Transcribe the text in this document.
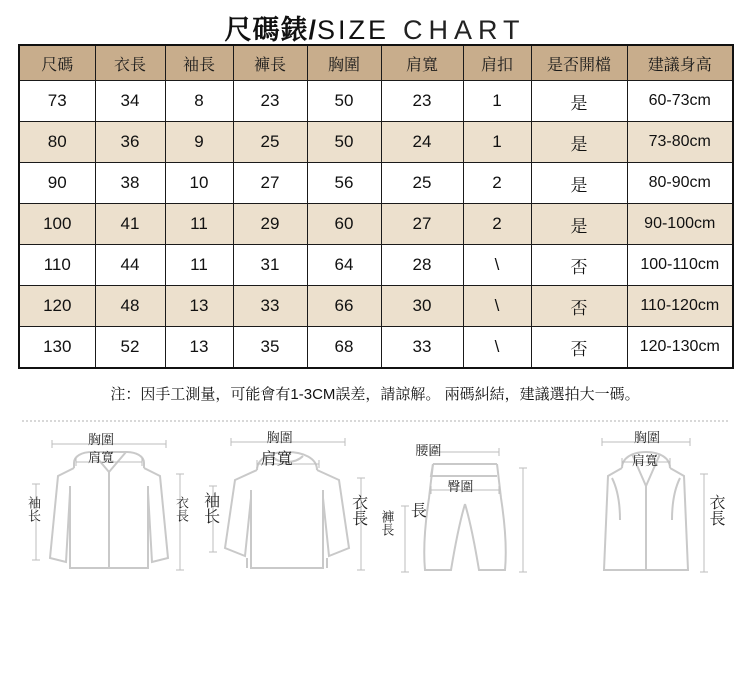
尺碼錶/SIZE CHART
尺碼	衣長	袖長	褲長	胸圍	肩寬	肩扣	是否開檔	建議身高
73	34	8	23	50	23	1	是	60-73cm
80	36	9	25	50	24	1	是	73-80cm
90	38	10	27	56	25	2	是	80-90cm
100	41	11	29	60	27	2	是	90-100cm
110	44	11	31	64	28	\	否	100-110cm
120	48	13	33	66	30	\	否	110-120cm
130	52	13	35	68	33	\	否	120-130cm
注：因手工測量，可能會有1-3CM誤差，請諒解。 兩碼糾結，建議選拍大一碼。
胸圍
肩寬
袖长	衣長
胸圍
肩寬
袖长	衣長
腰圍
臀圍
長
褲長
胸圍
肩寬
衣長
